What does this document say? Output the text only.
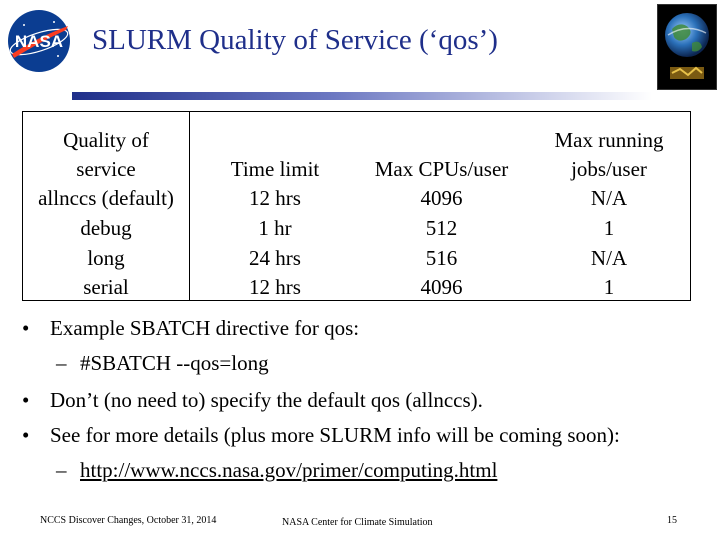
NASA SLURM Quality of Service (‘qos’)
Quality of
service
allnccs (default)
debug
long
serial
Time limit
12 hrs
1 hr
24 hrs
12 hrs
Max CPUs/user
4096
512
516
4096
Max running
jobs/user
N/A
1
N/A
1
• Example SBATCH directive for qos:
– #SBATCH --qos=long
• Don’t (no need to) specify the default qos (allnccs).
• See for more details (plus more SLURM info will be coming soon):
– http://www.nccs.nasa.gov/primer/computing.html
NCCS Discover Changes, October 31, 2014	NASA Center for Climate Simulation	15
